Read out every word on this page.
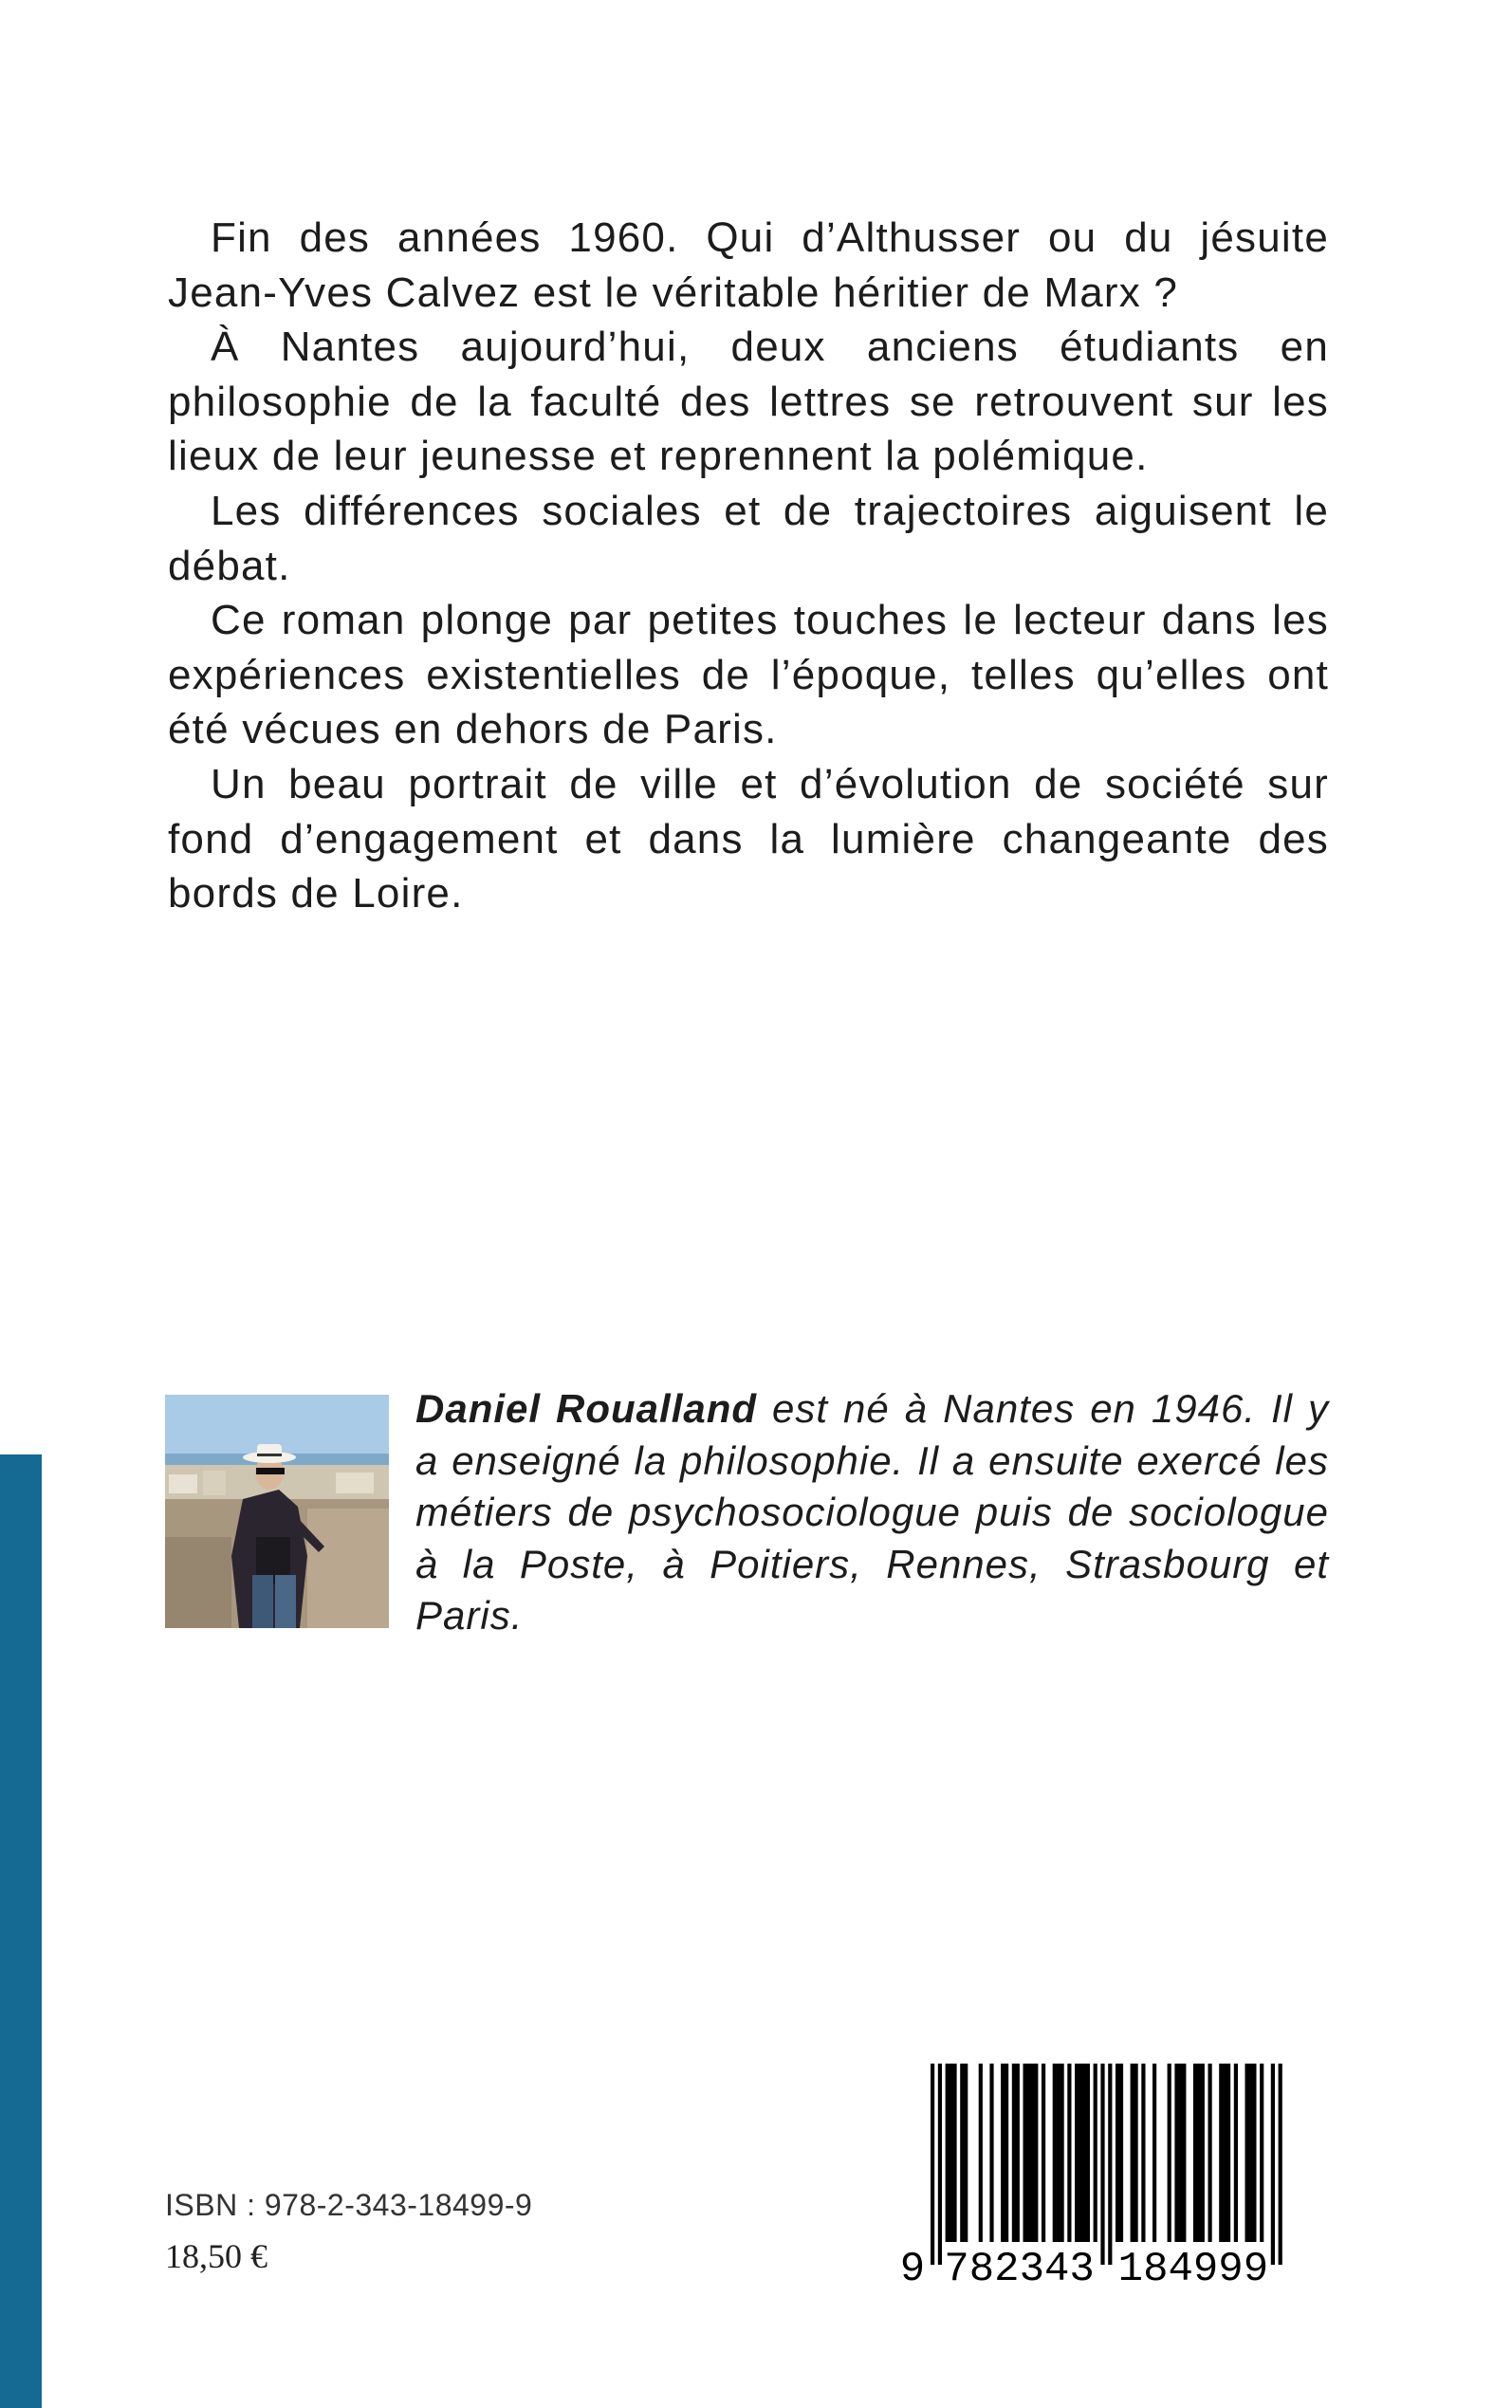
Fin des années 1960. Qui d’Althusser ou du jésuite Jean-Yves Calvez est le véritable héritier de Marx ?

À Nantes aujourd’hui, deux anciens étudiants en philosophie de la faculté des lettres se retrouvent sur les lieux de leur jeunesse et reprennent la polémique.

Les différences sociales et de trajectoires aiguisent le débat.

Ce roman plonge par petites touches le lecteur dans les expériences existentielles de l’époque, telles qu’elles ont été vécues en dehors de Paris.

Un beau portrait de ville et d’évolution de société sur fond d’engagement et dans la lumière changeante des bords de Loire.

Daniel Roualland est né à Nantes en 1946. Il y a enseigné la philosophie. Il a ensuite exercé les métiers de psychosociologue puis de sociologue à la Poste, à Poitiers, Rennes, Strasbourg et Paris.
ISBN : 978-2-343-18499-9
18,50 €	9 782343 184999
